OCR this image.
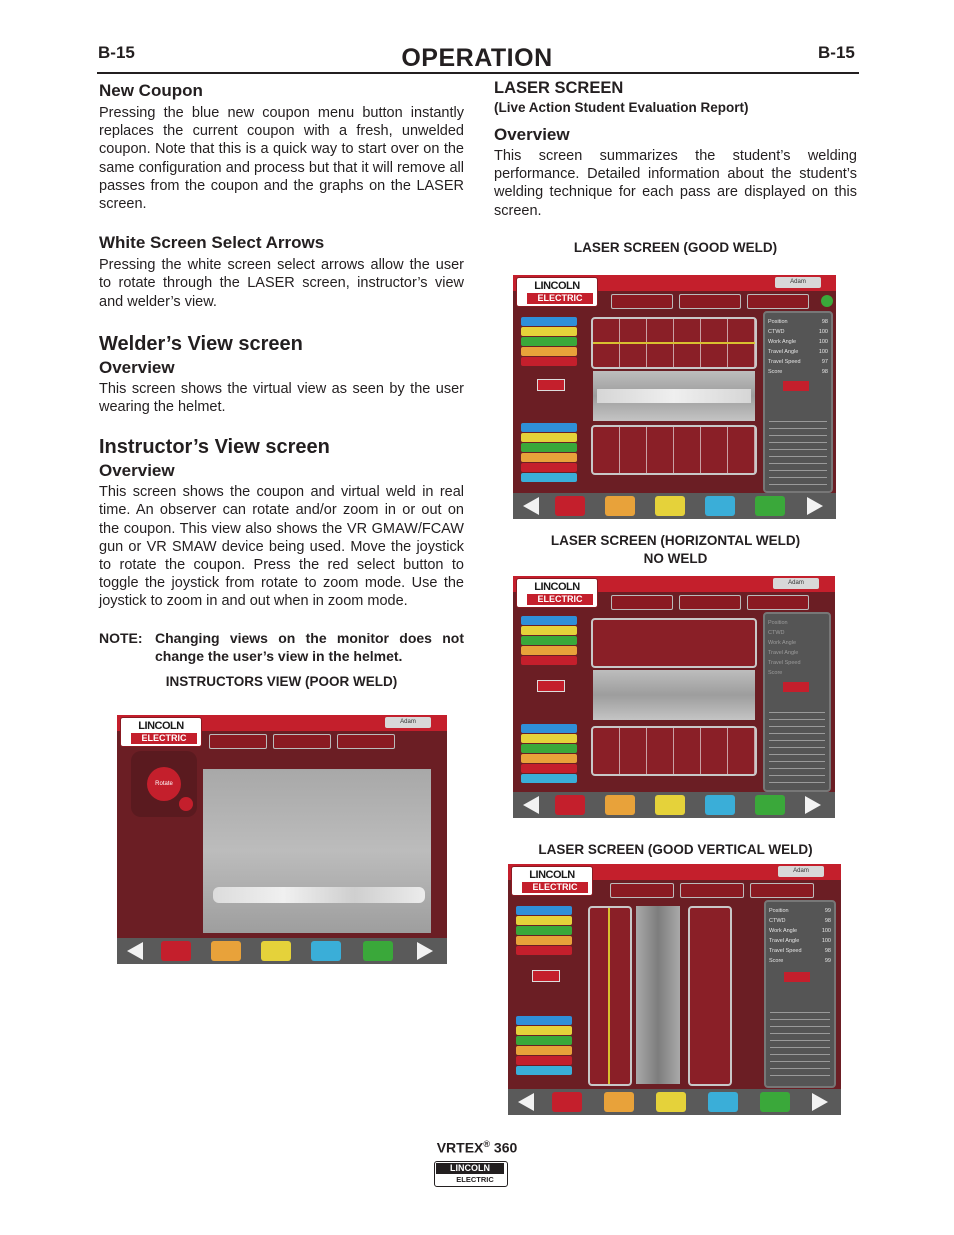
B-15	OPERATION	B-15
New Coupon

Pressing the blue new coupon menu button instantly replaces the current coupon with a fresh, unwelded coupon. Note that this is a quick way to start over on the same configuration and process but that it will remove all passes from the coupon and the graphs on the LASER screen.

White Screen Select Arrows

Pressing the white screen select arrows allow the user to rotate through the LASER screen, instructor’s view and welder’s view.

Welder’s View screen
Overview

This screen shows the virtual view as seen by the user wearing the helmet.

Instructor’s View screen
Overview

This screen shows the coupon and virtual weld in real time. An observer can rotate and/or zoom in or out on the coupon. This view also shows the VR GMAW/FCAW gun or VR SMAW device being used. Move the joystick to rotate the coupon. Press the red select button to toggle the joystick from rotate to zoom mode. Use the joystick to zoom in and out when in zoom mode.

NOTE: Changing views on the monitor does not change the user’s view in the helmet.
INSTRUCTORS VIEW (POOR WELD)
LINCOLN
ELECTRIC
Adam
Rotate
LASER SCREEN
(Live Action Student Evaluation Report)
Overview

This screen summarizes the student’s welding performance. Detailed information about the student’s welding technique for each pass are displayed on this screen.

LASER SCREEN (GOOD WELD)
LINCOLN
ELECTRIC
Adam
Position
CTWD
Work Angle
Travel Angle
Travel Speed
Score
98
100
100
100
97
98
LASER SCREEN (HORIZONTAL WELD)
NO WELD
LINCOLN
ELECTRIC
Adam
Position
CTWD
Work Angle
Travel Angle
Travel Speed
Score
LASER SCREEN (GOOD VERTICAL WELD)
LINCOLN
ELECTRIC
Adam
Position
CTWD
Work Angle
Travel Angle
Travel Speed
Score
99
98
100
100
98
99
VRTEX® 360
LINCOLN
ELECTRIC
